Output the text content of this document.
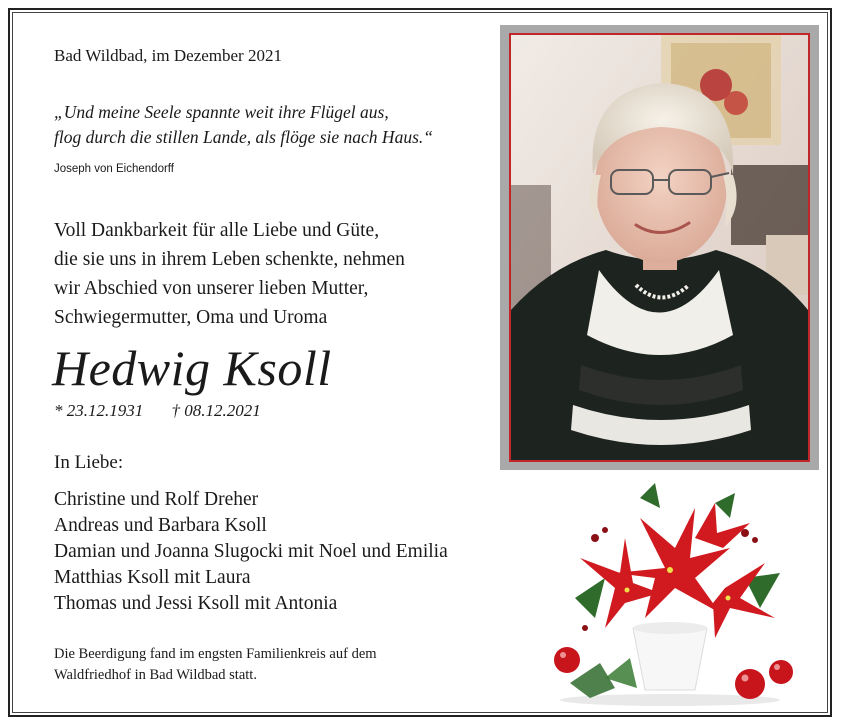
Bad Wildbad, im Dezember 2021
„Und meine Seele spannte weit ihre Flügel aus,
flog durch die stillen Lande, als flöge sie nach Haus.“
Joseph von Eichendorff
Voll Dankbarkeit für alle Liebe und Güte,
die sie uns in ihrem Leben schenkte, nehmen
wir Abschied von unserer lieben Mutter,
Schwiegermutter, Oma und Uroma
Hedwig Ksoll
* 23.12.1931 † 08.12.2021
In Liebe:
Christine und Rolf Dreher
Andreas und Barbara Ksoll
Damian und Joanna Slugocki mit Noel und Emilia
Matthias Ksoll mit Laura
Thomas und Jessi Ksoll mit Antonia
Die Beerdigung fand im engsten Familienkreis auf dem
Waldfriedhof in Bad Wildbad statt.
